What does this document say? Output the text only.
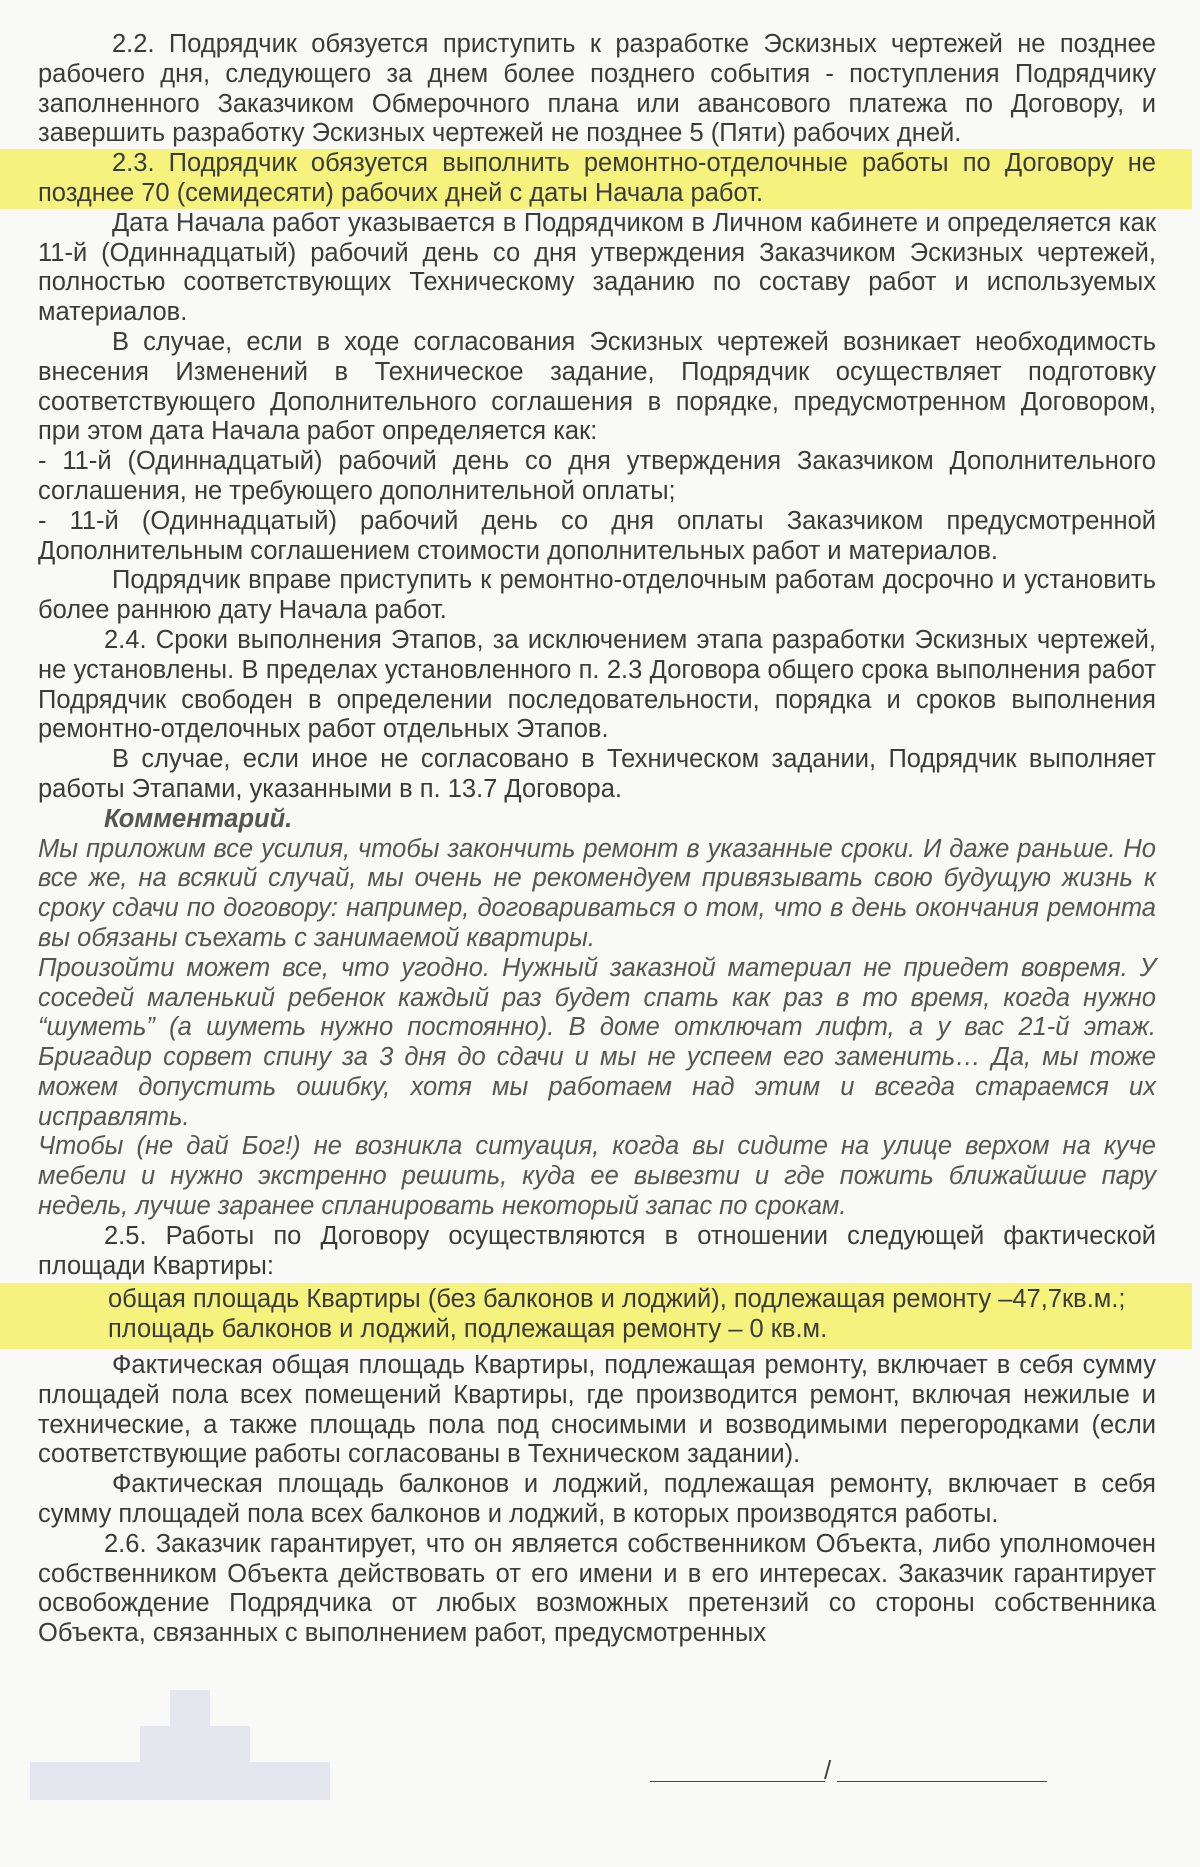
2.2. Подрядчик обязуется приступить к разработке Эскизных чертежей не позднее рабочего дня, следующего за днем более позднего события - поступления Подрядчику заполненного Заказчиком Обмерочного плана или авансового платежа по Договору, и завершить разработку Эскизных чертежей не позднее 5 (Пяти) рабочих дней.

2.3. Подрядчик обязуется выполнить ремонтно-отделочные работы по Договору не позднее 70 (семидесяти) рабочих дней с даты Начала работ.

Дата Начала работ указывается в Подрядчиком в Личном кабинете и определяется как 11-й (Одиннадцатый) рабочий день со дня утверждения Заказчиком Эскизных чертежей, полностью соответствующих Техническому заданию по составу работ и используемых материалов.

В случае, если в ходе согласования Эскизных чертежей возникает необходимость внесения Изменений в Техническое задание, Подрядчик осуществляет подготовку соответствующего Дополнительного соглашения в порядке, предусмотренном Договором, при этом дата Начала работ определяется как:

- 11-й (Одиннадцатый) рабочий день со дня утверждения Заказчиком Дополнительного соглашения, не требующего дополнительной оплаты;

- 11-й (Одиннадцатый) рабочий день со дня оплаты Заказчиком предусмотренной Дополнительным соглашением стоимости дополнительных работ и материалов.

Подрядчик вправе приступить к ремонтно-отделочным работам досрочно и установить более раннюю дату Начала работ.

2.4. Сроки выполнения Этапов, за исключением этапа разработки Эскизных чертежей, не установлены. В пределах установленного п. 2.3 Договора общего срока выполнения работ Подрядчик свободен в определении последовательности, порядка и сроков выполнения ремонтно-отделочных работ отдельных Этапов.

В случае, если иное не согласовано в Техническом задании, Подрядчик выполняет работы Этапами, указанными в п. 13.7 Договора.

Комментарий.

Мы приложим все усилия, чтобы закончить ремонт в указанные сроки. И даже раньше. Но все же, на всякий случай, мы очень не рекомендуем привязывать свою будущую жизнь к сроку сдачи по договору: например, договариваться о том, что в день окончания ремонта вы обязаны съехать с занимаемой квартиры.

Произойти может все, что угодно. Нужный заказной материал не приедет вовремя. У соседей маленький ребенок каждый раз будет спать как раз в то время, когда нужно “шуметь” (а шуметь нужно постоянно). В доме отключат лифт, а у вас 21-й этаж. Бригадир сорвет спину за 3 дня до сдачи и мы не успеем его заменить… Да, мы тоже можем допустить ошибку, хотя мы работаем над этим и всегда стараемся их исправлять.

Чтобы (не дай Бог!) не возникла ситуация, когда вы сидите на улице верхом на куче мебели и нужно экстренно решить, куда ее вывезти и где пожить ближайшие пару недель, лучше заранее спланировать некоторый запас по срокам.

2.5. Работы по Договору осуществляются в отношении следующей фактической площади Квартиры:

общая площадь Квартиры (без балконов и лоджий), подлежащая ремонту –47,7кв.м.;

площадь балконов и лоджий, подлежащая ремонту – 0 кв.м.

Фактическая общая площадь Квартиры, подлежащая ремонту, включает в себя сумму площадей пола всех помещений Квартиры, где производится ремонт, включая нежилые и технические, а также площадь пола под сносимыми и возводимыми перегородками (если соответствующие работы согласованы в Техническом задании).

Фактическая площадь балконов и лоджий, подлежащая ремонту, включает в себя сумму площадей пола всех балконов и лоджий, в которых производятся работы.

2.6. Заказчик гарантирует, что он является собственником Объекта, либо уполномочен собственником Объекта действовать от его имени и в его интересах. Заказчик гарантирует освобождение Подрядчика от любых возможных претензий со стороны собственника Объекта, связанных с выполнением работ, предусмотренных

/
